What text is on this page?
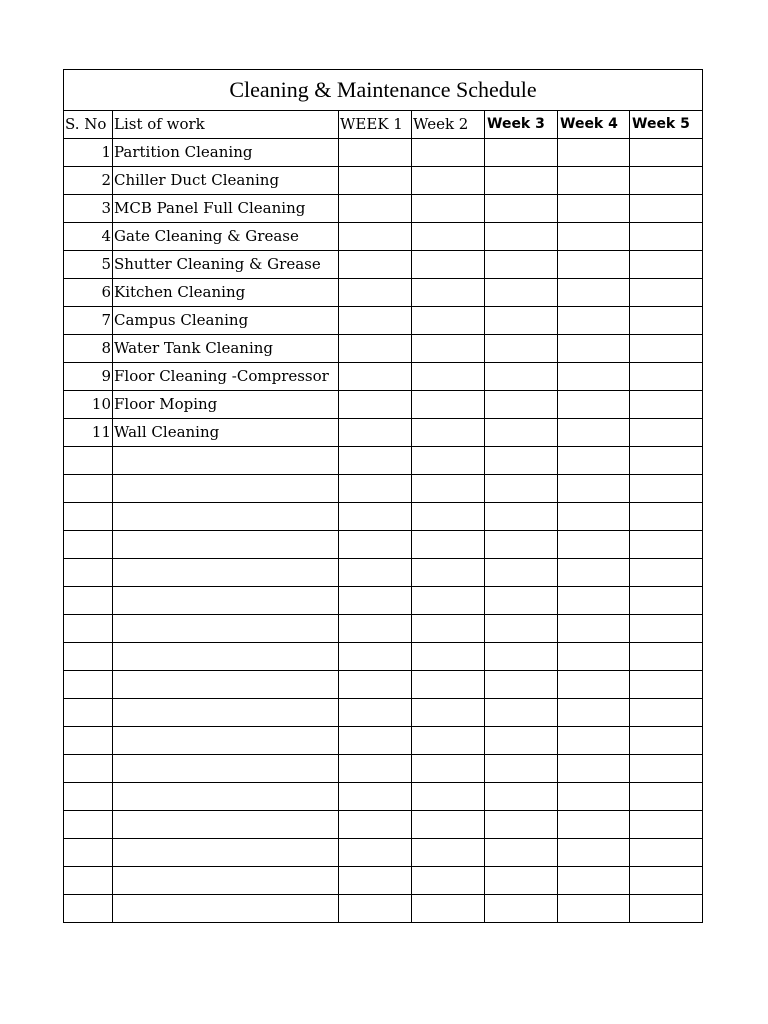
Cleaning & Maintenance Schedule						
S. No	List of work	WEEK 1	Week 2	Week 3	Week 4	Week 5
1	Partition Cleaning					
2	Chiller Duct Cleaning					
3	MCB Panel Full Cleaning					
4	Gate Cleaning & Grease					
5	Shutter Cleaning & Grease					
6	Kitchen Cleaning					
7	Campus Cleaning					
8	Water Tank Cleaning					
9	Floor Cleaning -Compressor					
10	Floor Moping					
11	Wall Cleaning					
